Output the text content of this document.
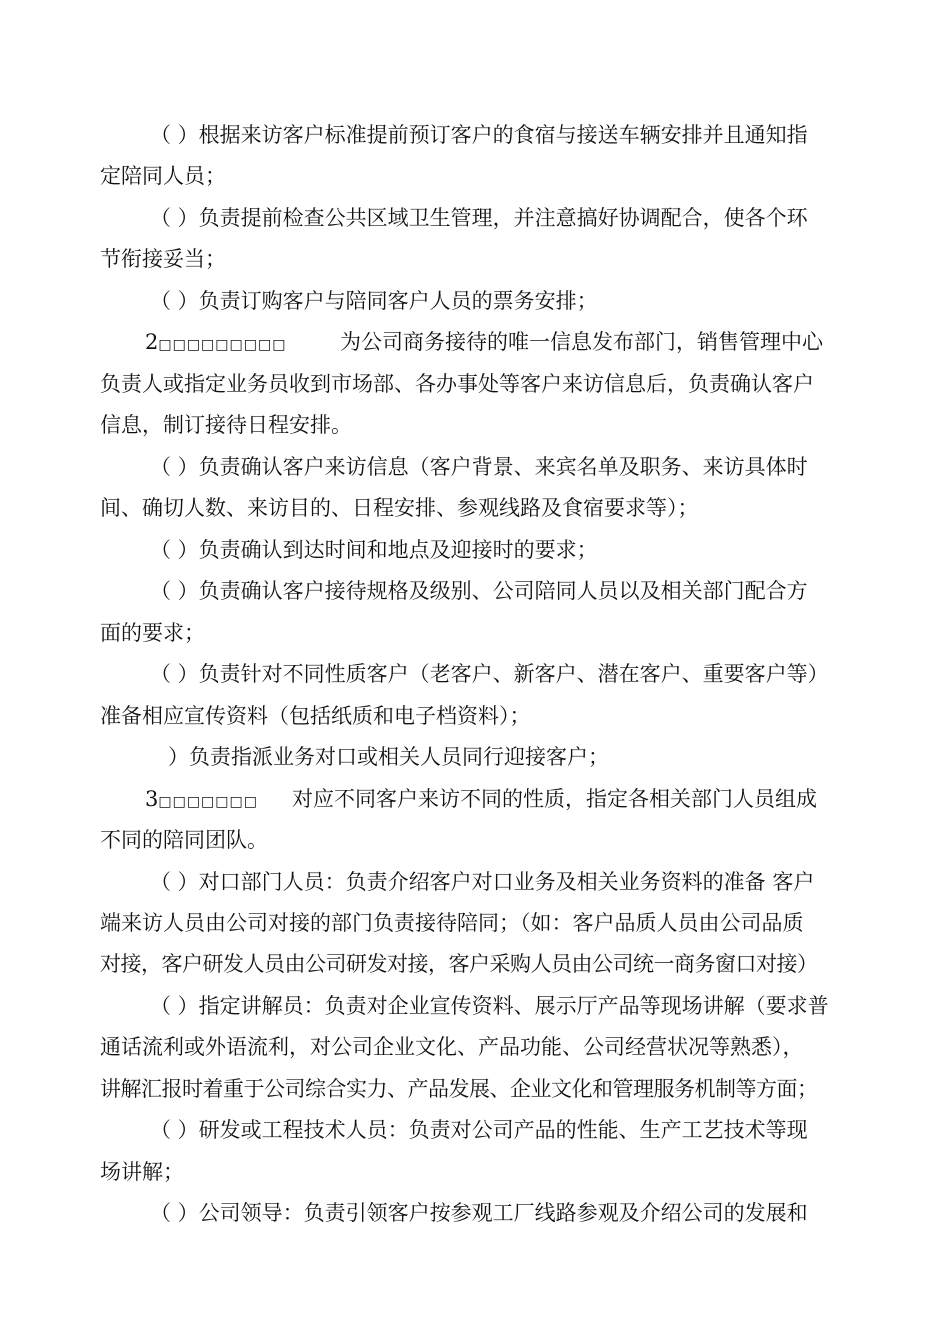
（ ）根据来访客户标准提前预订客户的食宿与接送车辆安排并且通知指
定陪同人员；
（ ）负责提前检查公共区域卫生管理，并注意搞好协调配合，使各个环
节衔接妥当；
（ ）负责订购客户与陪同客户人员的票务安排；
2□□□□□□□□□	为公司商务接待的唯一信息发布部门，销售管理中心
负责人或指定业务员收到市场部、各办事处等客户来访信息后，负责确认客户
信息，制订接待日程安排。
（ ）负责确认客户来访信息（客户背景、来宾名单及职务、来访具体时
间、确切人数、来访目的、日程安排、参观线路及食宿要求等）；
（ ）负责确认到达时间和地点及迎接时的要求；
（ ）负责确认客户接待规格及级别、公司陪同人员以及相关部门配合方
面的要求；
（ ）负责针对不同性质客户（老客户、新客户、潜在客户、重要客户等）
准备相应宣传资料（包括纸质和电子档资料）；
）负责指派业务对口或相关人员同行迎接客户；
3□□□□□□□ 对应不同客户来访不同的性质，指定各相关部门人员组成
不同的陪同团队。
（ ）对口部门人员：负责介绍客户对口业务及相关业务资料的准备 客户
端来访人员由公司对接的部门负责接待陪同；（如：客户品质人员由公司品质
对接，客户研发人员由公司研发对接，客户采购人员由公司统一商务窗口对接）
（ ）指定讲解员：负责对企业宣传资料、展示厅产品等现场讲解（要求普
通话流利或外语流利，对公司企业文化、产品功能、公司经营状况等熟悉），
讲解汇报时着重于公司综合实力、产品发展、企业文化和管理服务机制等方面；
（ ）研发或工程技术人员：负责对公司产品的性能、生产工艺技术等现
场讲解；
（ ）公司领导：负责引领客户按参观工厂线路参观及介绍公司的发展和
